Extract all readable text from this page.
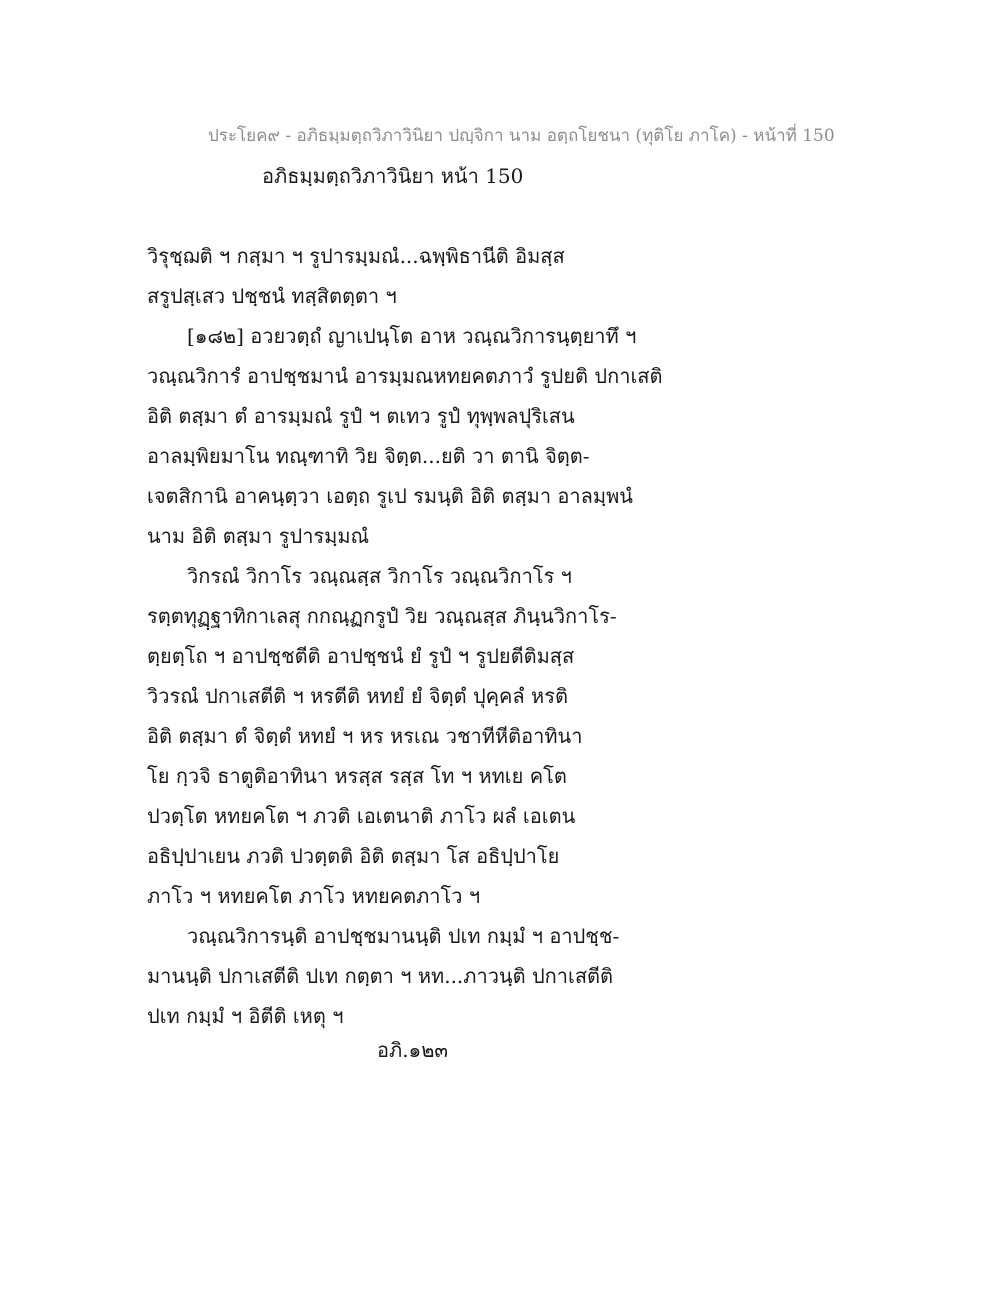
ประโยค๙ - อภิธมฺมตฺถวิภาวินิยา ปญฺจิกา นาม อตฺถโยชนา (ทุติโย ภาโค) - หน้าที่ 150
อภิธมฺมตฺถวิภาวินิยา หน้า 150
วิรุชฺฌติ ฯ กสฺมา ฯ รูปารมฺมณํ...ฉพฺพิธานีติ อิมสฺส
สรูปสฺเสว ปชฺชนํ ทสฺสิตตฺตา ฯ
[๑๘๒] อวยวตฺถํ ญาเปนฺโต อาห วณฺณวิการนฺตฺยาทึ ฯ
วณฺณวิการํ อาปชฺชมานํ อารมฺมณหทยคตภาวํ รูปยติ ปกาเสติ
อิติ ตสฺมา ตํ อารมฺมณํ รูปํ ฯ ตเทว รูปํ ทุพฺพลปุริเสน
อาลมฺพิยมาโน ทณฺฑาทิ วิย จิตฺต...ยติ วา ตานิ จิตฺต-
เจตสิกานิ อาคนฺตฺวา เอตฺถ รูเป รมนฺติ อิติ ตสฺมา อาลมฺพนํ
นาม อิติ ตสฺมา รูปารมฺมณํ
วิกรณํ วิกาโร วณฺณสฺส วิกาโร วณฺณวิกาโร ฯ
รตฺตทุฏฺฐาทิกาเลสุ กกณฺฏกรูปํ วิย วณฺณสฺส ภินฺนวิกาโร-
ตฺยตฺโถ ฯ อาปชฺชตีติ อาปชฺชนํ ยํ รูปํ ฯ รูปยตีติมสฺส
วิวรณํ ปกาเสตีติ ฯ หรตีติ หทยํ ยํ จิตฺตํ ปุคฺคลํ หรติ
อิติ ตสฺมา ตํ จิตฺตํ หทยํ ฯ หร หรเณ วชาทีหีติอาทินา
โย กฺวจิ ธาตูติอาทินา หรสฺส รสฺส โท ฯ หทเย คโต
ปวตฺโต หทยคโต ฯ ภวติ เอเตนาติ ภาโว ผลํ เอเตน
อธิปฺปาเยน ภวติ ปวตฺตติ อิติ ตสฺมา โส อธิปฺปาโย
ภาโว ฯ หทยคโต ภาโว หทยคตภาโว ฯ
วณฺณวิการนฺติ อาปชฺชมานนฺติ ปเท กมฺมํ ฯ อาปชฺช-
มานนฺติ ปกาเสตีติ ปเท กตฺตา ฯ หท...ภาวนฺติ ปกาเสตีติ
ปเท กมฺมํ ฯ อิตีติ เหตุ ฯ
อภิ.๑๒๓
